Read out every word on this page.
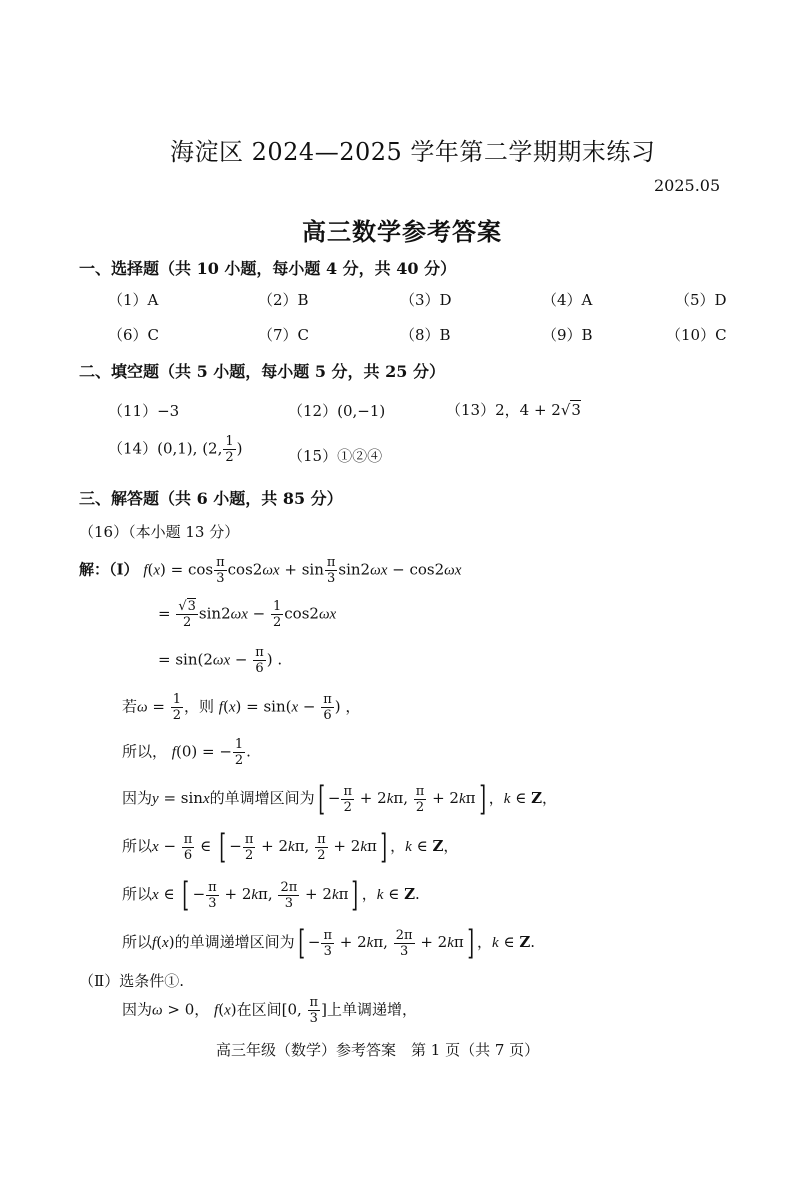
海淀区 2024—2025 学年第二学期期末练习
2025.05
高三数学参考答案
一、选择题（共 10 小题，每小题 4 分，共 40 分）
（1）A	（2）B	（3）D	（4）A	（5）D
（6）C	（7）C	（8）B	（9）B	（10）C
二、填空题（共 5 小题，每小题 5 分，共 25 分）
（11）−3	（12）(0,−1)	（13）2，4 + 2√3
（14）(0,1), (2, $\frac{1}{2}$ )	（15）①②④
三、解答题（共 6 小题，共 85 分）
（16）（本小题 13 分）
解：（Ⅰ） $f(x) = \cos \frac{\pi}{3} \cos 2\omega x + \sin \frac{\pi}{3} \sin 2\omega x - \cos 2\omega x$
= $\frac{√3}{2} \sin 2\omega x - \frac{1}{2} \cos 2\omega x$
= $\sin(2\omega x - \frac{\pi}{6}$ ) .
若$\omega = \frac{1}{2}$ ，则 $f(x) = \sin(x - \frac{\pi}{6}$ ) ，
所以， f(0) = − $\frac{1}{2}$ .
因为y = sinx的单调增区间为[ − $\frac{\pi}{2} + 2k\pi$, $\frac{\pi}{2} + 2k\pi$] ，k ∈ Z，
所以$x - \frac{\pi}{6}$ ∈ [ − $\frac{\pi}{2} + 2k\pi$, $\frac{\pi}{2} + 2k\pi$] ，k ∈ Z，
所以x ∈ [ − $\frac{\pi}{3} + 2k\pi$, $\frac{2\pi}{3} + 2k\pi$] ，k ∈ Z.
所以f(x)的单调递增区间为[ − $\frac{\pi}{3} + 2k\pi$, $\frac{2\pi}{3} + 2k\pi$] ，k ∈ Z.
（Ⅱ）选条件①.
因为ω > 0， f(x)在区间[0, $\frac{\pi}{3}$ ]上单调递增，
高三年级（数学）参考答案　第 1 页（共 7 页）
